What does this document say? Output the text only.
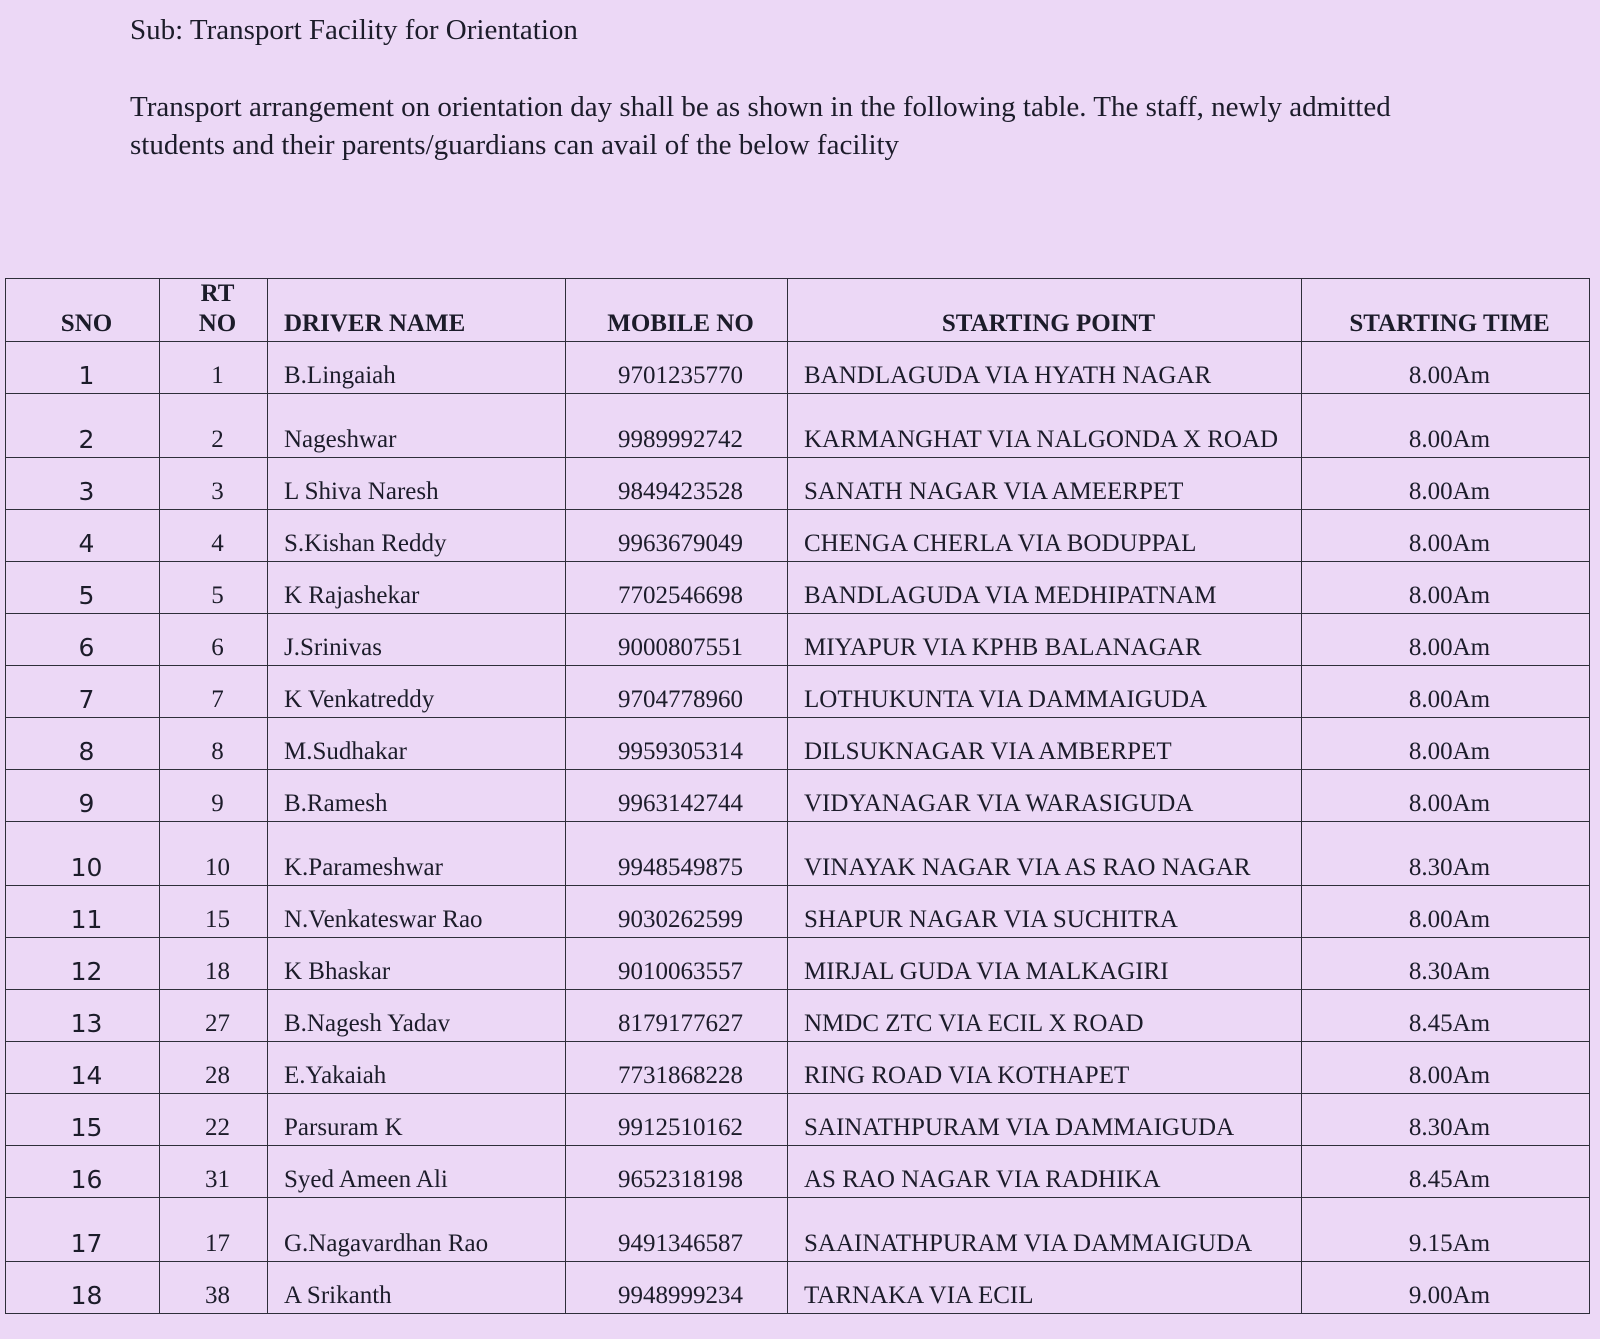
Sub: Transport Facility for Orientation
Transport arrangement on orientation day shall be as shown in the following table. The staff, newly admitted students and their parents/guardians can avail of the below facility
SNO	RT NO	DRIVER NAME	MOBILE NO	STARTING POINT	STARTING TIME
1	1	B.Lingaiah	9701235770	BANDLAGUDA VIA HYATH NAGAR	8.00Am
2	2	Nageshwar	9989992742	KARMANGHAT VIA NALGONDA X ROAD	8.00Am
3	3	L Shiva Naresh	9849423528	SANATH NAGAR VIA AMEERPET	8.00Am
4	4	S.Kishan Reddy	9963679049	CHENGA CHERLA VIA BODUPPAL	8.00Am
5	5	K Rajashekar	7702546698	BANDLAGUDA VIA MEDHIPATNAM	8.00Am
6	6	J.Srinivas	9000807551	MIYAPUR VIA KPHB BALANAGAR	8.00Am
7	7	K Venkatreddy	9704778960	LOTHUKUNTA VIA DAMMAIGUDA	8.00Am
8	8	M.Sudhakar	9959305314	DILSUKNAGAR VIA AMBERPET	8.00Am
9	9	B.Ramesh	9963142744	VIDYANAGAR VIA WARASIGUDA	8.00Am
10	10	K.Parameshwar	9948549875	VINAYAK NAGAR VIA AS RAO NAGAR	8.30Am
11	15	N.Venkateswar Rao	9030262599	SHAPUR NAGAR VIA SUCHITRA	8.00Am
12	18	K Bhaskar	9010063557	MIRJAL GUDA VIA MALKAGIRI	8.30Am
13	27	B.Nagesh Yadav	8179177627	NMDC ZTC VIA ECIL X ROAD	8.45Am
14	28	E.Yakaiah	7731868228	RING ROAD VIA KOTHAPET	8.00Am
15	22	Parsuram K	9912510162	SAINATHPURAM VIA DAMMAIGUDA	8.30Am
16	31	Syed Ameen Ali	9652318198	AS RAO NAGAR VIA RADHIKA	8.45Am
17	17	G.Nagavardhan Rao	9491346587	SAAINATHPURAM VIA DAMMAIGUDA	9.15Am
18	38	A Srikanth	9948999234	TARNAKA VIA ECIL	9.00Am
